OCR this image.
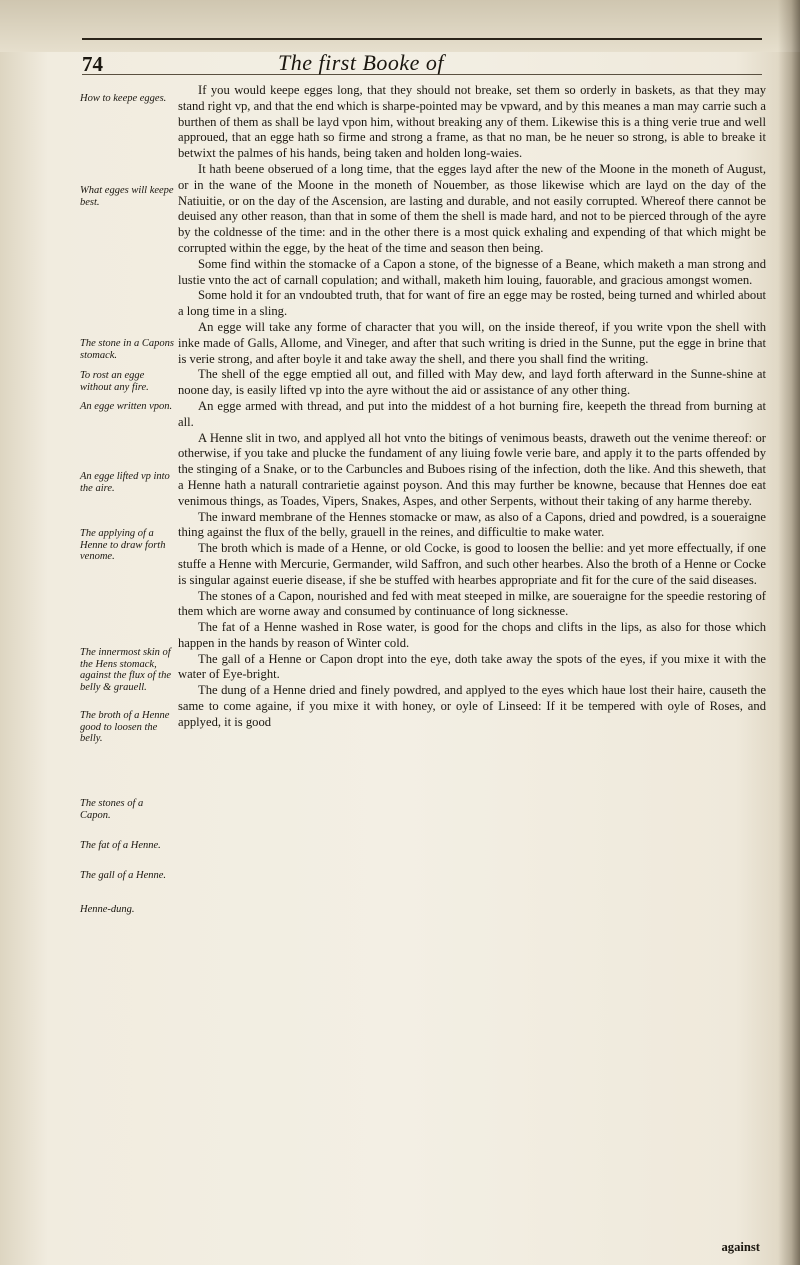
74	The first Booke of
How to keepe egges.
What egges will keepe best.
The stone in a Capons stomack.
To rost an egge without any fire.
An egge written vpon.
An egge lifted vp into the aire.
The applying of a Henne to draw forth venome.
The innermost skin of the Hens stomack, against the flux of the belly & grauell.
The broth of a Henne good to loosen the belly.
The stones of a Capon.
The fat of a Henne.
The gall of a Henne.
Henne-dung.

If you would keepe egges long, that they should not breake, set them so orderly in baskets, as that they may stand right vp, and that the end which is sharpe-pointed may be vpward, and by this meanes a man may carrie such a burthen of them as shall be layd vpon him, without breaking any of them. Likewise this is a thing verie true and well approued, that an egge hath so firme and strong a frame, as that no man, be he neuer so strong, is able to breake it betwixt the palmes of his hands, being taken and holden long-waies.

It hath beene obserued of a long time, that the egges layd after the new of the Moone in the moneth of August, or in the wane of the Moone in the moneth of Nouember, as those likewise which are layd on the day of the Natiuitie, or on the day of the Ascension, are lasting and durable, and not easily corrupted. Whereof there cannot be deuised any other reason, than that in some of them the shell is made hard, and not to be pierced through of the ayre by the coldnesse of the time: and in the other there is a most quick exhaling and expending of that which might be corrupted within the egge, by the heat of the time and season then being.

Some find within the stomacke of a Capon a stone, of the bignesse of a Beane, which maketh a man strong and lustie vnto the act of carnall copulation; and withall, maketh him louing, fauorable, and gracious amongst women.

Some hold it for an vndoubted truth, that for want of fire an egge may be rosted, being turned and whirled about a long time in a sling.

An egge will take any forme of character that you will, on the inside thereof, if you write vpon the shell with inke made of Galls, Allome, and Vineger, and after that such writing is dried in the Sunne, put the egge in brine that is verie strong, and after boyle it and take away the shell, and there you shall find the writing.

The shell of the egge emptied all out, and filled with May dew, and layd forth afterward in the Sunne-shine at noone day, is easily lifted vp into the ayre without the aid or assistance of any other thing.

An egge armed with thread, and put into the middest of a hot burning fire, keepeth the thread from burning at all.

A Henne slit in two, and applyed all hot vnto the bitings of venimous beasts, draweth out the venime thereof: or otherwise, if you take and plucke the fundament of any liuing fowle verie bare, and apply it to the parts offended by the stinging of a Snake, or to the Carbuncles and Buboes rising of the infection, doth the like. And this sheweth, that a Henne hath a naturall contrarietie against poyson. And this may further be knowne, because that Hennes doe eat venimous things, as Toades, Vipers, Snakes, Aspes, and other Serpents, without their taking of any harme thereby.

The inward membrane of the Hennes stomacke or maw, as also of a Capons, dried and powdred, is a soueraigne thing against the flux of the belly, grauell in the reines, and difficultie to make water.

The broth which is made of a Henne, or old Cocke, is good to loosen the bellie: and yet more effectually, if one stuffe a Henne with Mercurie, Germander, wild Saffron, and such other hearbes. Also the broth of a Henne or Cocke is singular against euerie disease, if she be stuffed with hearbes appropriate and fit for the cure of the said diseases.

The stones of a Capon, nourished and fed with meat steeped in milke, are soueraigne for the speedie restoring of them which are worne away and consumed by continuance of long sicknesse.

The fat of a Henne washed in Rose water, is good for the chops and clifts in the lips, as also for those which happen in the hands by reason of Winter cold.

The gall of a Henne or Capon dropt into the eye, doth take away the spots of the eyes, if you mixe it with the water of Eye-bright.

The dung of a Henne dried and finely powdred, and applyed to the eyes which haue lost their haire, causeth the same to come againe, if you mixe it with honey, or oyle of Linseed: If it be tempered with oyle of Roses, and applyed, it is good

against
